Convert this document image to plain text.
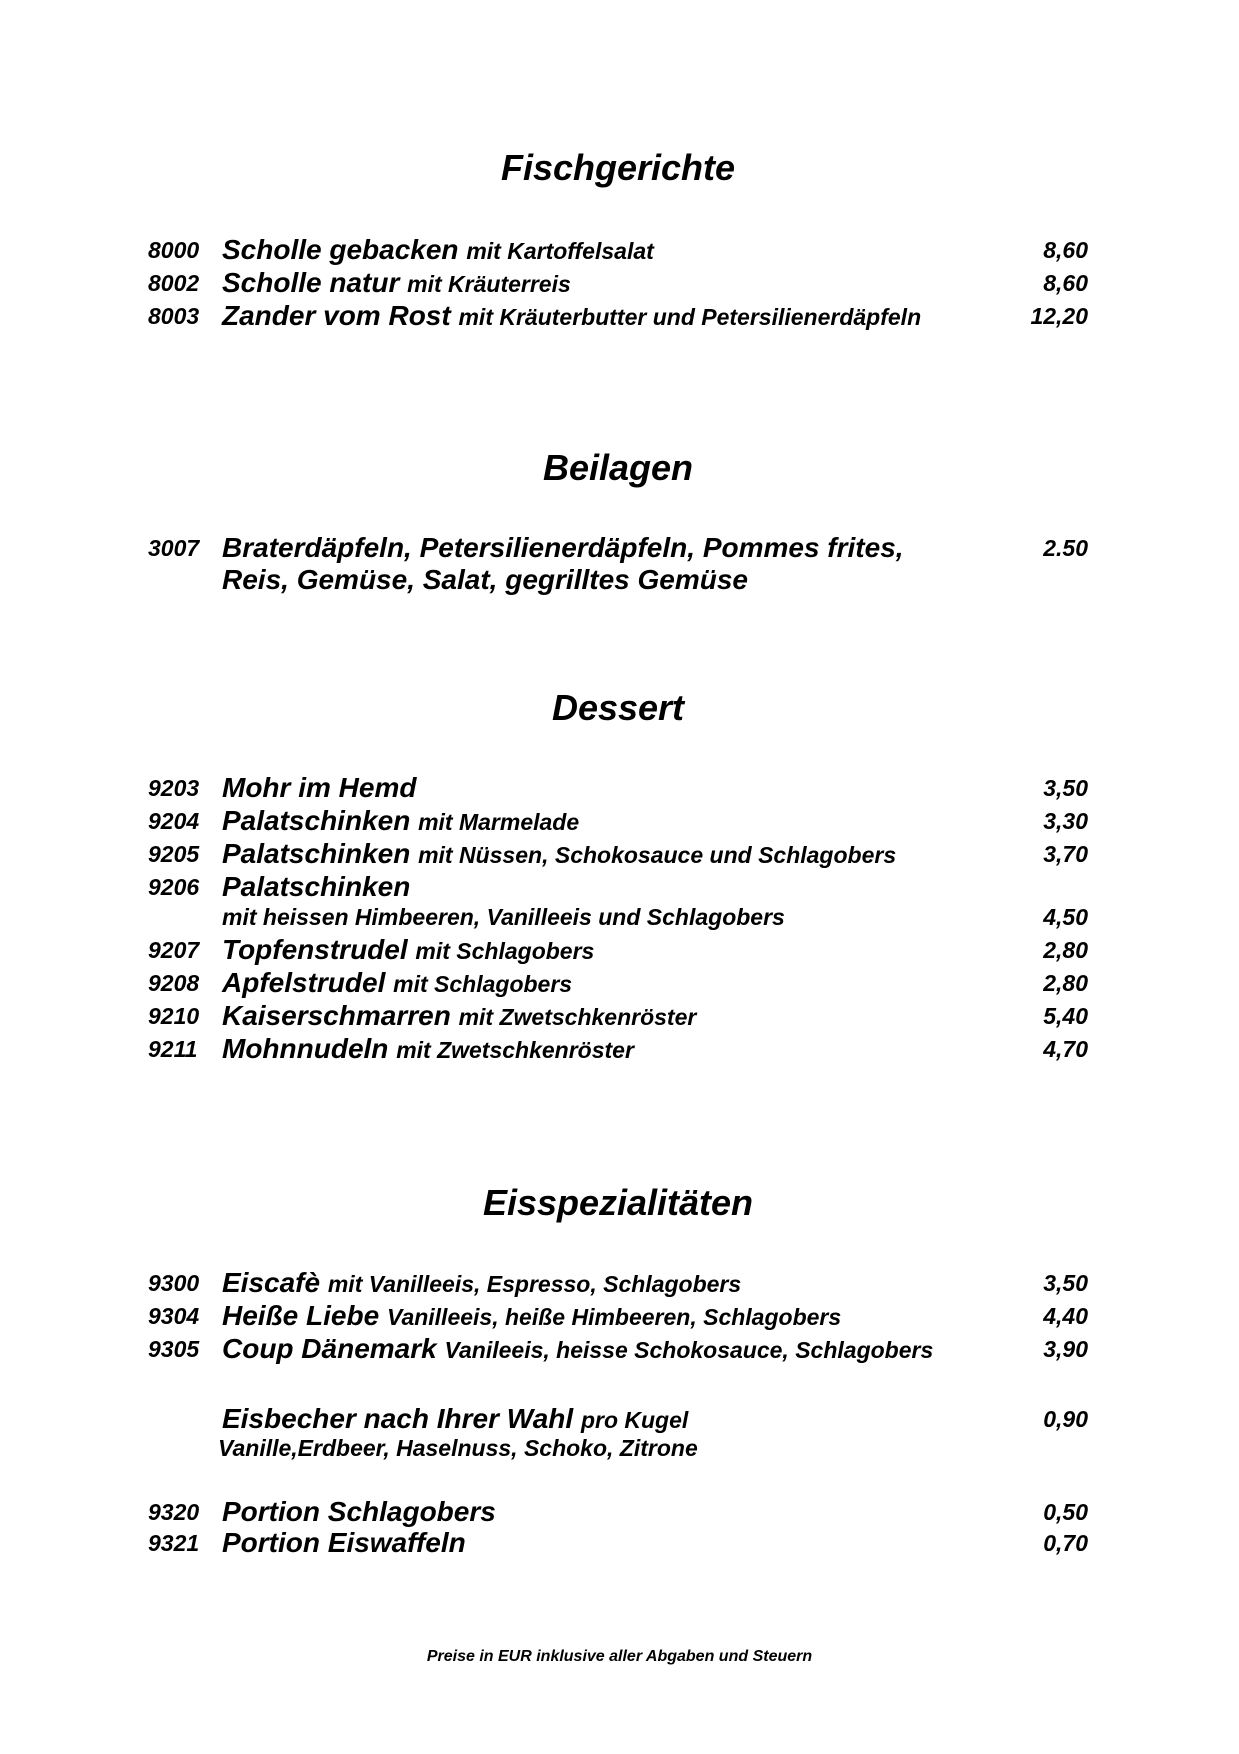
Fischgerichte
8000 Scholle gebacken mit Kartoffelsalat	8,60
8002 Scholle natur mit Kräuterreis	8,60
8003 Zander vom Rost mit Kräuterbutter und Petersilienerdäpfeln	12,20
Beilagen
3007 Braterdäpfeln, Petersilienerdäpfeln, Pommes frites,	2.50
Reis, Gemüse, Salat, gegrilltes Gemüse
Dessert
9203 Mohr im Hemd	3,50
9204 Palatschinken mit Marmelade	3,30
9205 Palatschinken mit Nüssen, Schokosauce und Schlagobers	3,70
9206 Palatschinken
mit heissen Himbeeren, Vanilleeis und Schlagobers	4,50
9207 Topfenstrudel mit Schlagobers	2,80
9208 Apfelstrudel mit Schlagobers	2,80
9210 Kaiserschmarren mit Zwetschkenröster	5,40
9211 Mohnnudeln mit Zwetschkenröster	4,70
Eisspezialitäten
9300 Eiscafè mit Vanilleeis, Espresso, Schlagobers	3,50
9304 Heiße Liebe Vanilleeis, heiße Himbeeren, Schlagobers	4,40
9305 Coup Dänemark Vanileeis, heisse Schokosauce, Schlagobers	3,90
Eisbecher nach Ihrer Wahl pro Kugel	0,90
Vanille,Erdbeer, Haselnuss, Schoko, Zitrone
9320 Portion Schlagobers	0,50
9321 Portion Eiswaffeln	0,70
Preise in EUR inklusive aller Abgaben und Steuern
